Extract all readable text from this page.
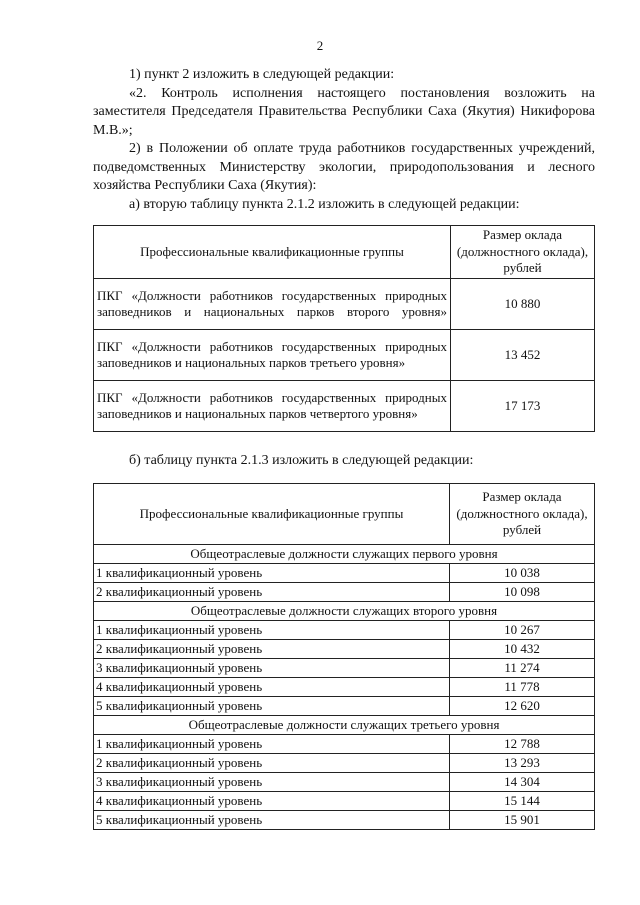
2

1) пункт 2 изложить в следующей редакции:

«2. Контроль исполнения настоящего постановления возложить на заместителя Председателя Правительства Республики Саха (Якутия) Никифорова М.В.»;

2) в Положении об оплате труда работников государственных учреждений, подведомственных Министерству экологии, природопользования и лесного хозяйства Республики Саха (Якутия):

а) вторую таблицу пункта 2.1.2 изложить в следующей редакции:

Профессиональные квалификационные группы	Размер оклада (должностного оклада), рублей
ПКГ «Должности работников государственных природных заповедников и национальных парков второго уровня»	10 880
ПКГ «Должности работников государственных природных заповедников и национальных парков третьего уровня»	13 452
ПКГ «Должности работников государственных природных заповедников и национальных парков четвертого уровня»	17 173
б) таблицу пункта 2.1.3 изложить в следующей редакции:
Профессиональные квалификационные группы	Размер оклада (должностного оклада), рублей
Общеотраслевые должности служащих первого уровня	
1 квалификационный уровень	10 038
2 квалификационный уровень	10 098
Общеотраслевые должности служащих второго уровня	
1 квалификационный уровень	10 267
2 квалификационный уровень	10 432
3 квалификационный уровень	11 274
4 квалификационный уровень	11 778
5 квалификационный уровень	12 620
Общеотраслевые должности служащих третьего уровня	
1 квалификационный уровень	12 788
2 квалификационный уровень	13 293
3 квалификационный уровень	14 304
4 квалификационный уровень	15 144
5 квалификационный уровень	15 901
